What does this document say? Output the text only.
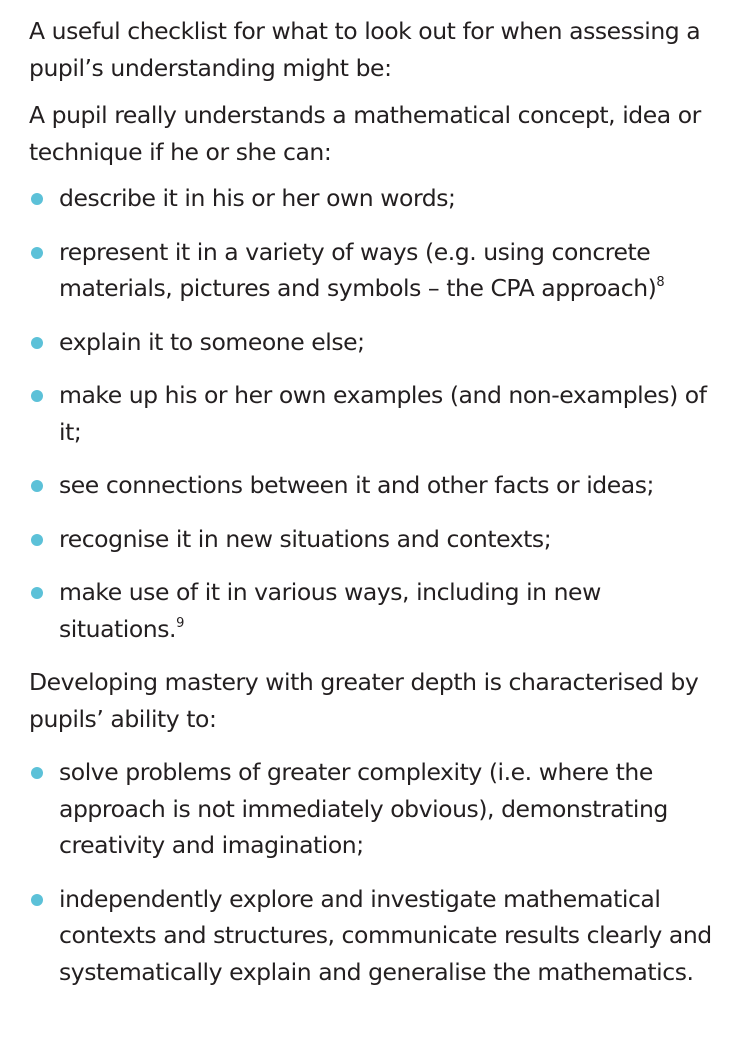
A useful checklist for what to look out for when assessing a pupil’s understanding might be:

A pupil really understands a mathematical concept, idea or technique if he or she can:

describe it in his or her own words;
represent it in a variety of ways (e.g. using concrete materials, pictures and symbols – the CPA approach)$^8$
explain it to someone else;
make up his or her own examples (and non-examples) of it;
see connections between it and other facts or ideas;
recognise it in new situations and contexts;
make use of it in various ways, including in new situations.$^9$

Developing mastery with greater depth is characterised by pupils’ ability to:

solve problems of greater complexity (i.e. where the approach is not immediately obvious), demonstrating creativity and imagination;
independently explore and investigate mathematical contexts and structures, communicate results clearly and systematically explain and generalise the mathematics.
